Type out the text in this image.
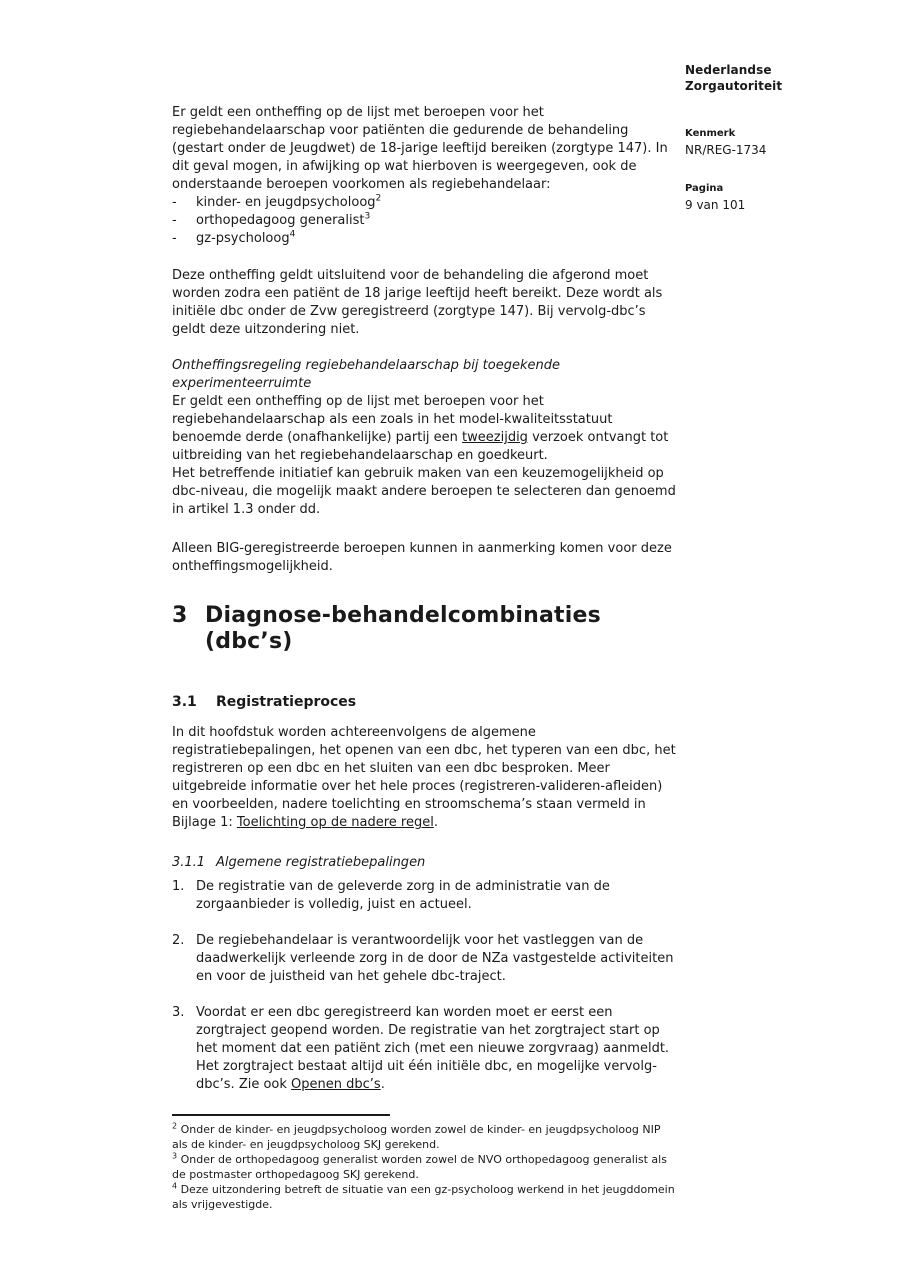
Nederlandse Zorgautoriteit
Kenmerk
NR/REG-1734
Pagina
9 van 101
Er geldt een ontheffing op de lijst met beroepen voor het regiebehandelaarschap voor patiënten die gedurende de behandeling (gestart onder de Jeugdwet) de 18-jarige leeftijd bereiken (zorgtype 147). In dit geval mogen, in afwijking op wat hierboven is weergegeven, ook de onderstaande beroepen voorkomen als regiebehandelaar:
-	kinder- en jeugdpsycholoog$^2$
-	orthopedagoog generalist$^3$
-	gz-psycholoog$^4$
Deze ontheffing geldt uitsluitend voor de behandeling die afgerond moet worden zodra een patiënt de 18 jarige leeftijd heeft bereikt. Deze wordt als initiële dbc onder de Zvw geregistreerd (zorgtype 147). Bij vervolg-dbc’s geldt deze uitzondering niet.
Ontheffingsregeling regiebehandelaarschap bij toegekende experimenteerruimte
Er geldt een ontheffing op de lijst met beroepen voor het regiebehandelaarschap als een zoals in het model-kwaliteitsstatuut benoemde derde (onafhankelijke) partij een tweezijdig verzoek ontvangt tot uitbreiding van het regiebehandelaarschap en goedkeurt.
Het betreffende initiatief kan gebruik maken van een keuzemogelijkheid op dbc-niveau, die mogelijk maakt andere beroepen te selecteren dan genoemd in artikel 1.3 onder dd.
Alleen BIG-geregistreerde beroepen kunnen in aanmerking komen voor deze ontheffingsmogelijkheid.
3 Diagnose-behandelcombinaties (dbc’s)
3.1	Registratieproces
In dit hoofdstuk worden achtereenvolgens de algemene registratiebepalingen, het openen van een dbc, het typeren van een dbc, het registreren op een dbc en het sluiten van een dbc besproken. Meer uitgebreide informatie over het hele proces (registreren-valideren-afleiden) en voorbeelden, nadere toelichting en stroomschema’s staan vermeld in Bijlage 1: Toelichting op de nadere regel.
3.1.1 Algemene registratiebepalingen
1. De registratie van de geleverde zorg in de administratie van de zorgaanbieder is volledig, juist en actueel.
2. De regiebehandelaar is verantwoordelijk voor het vastleggen van de daadwerkelijk verleende zorg in de door de NZa vastgestelde activiteiten en voor de juistheid van het gehele dbc-traject.
3. Voordat er een dbc geregistreerd kan worden moet er eerst een zorgtraject geopend worden. De registratie van het zorgtraject start op het moment dat een patiënt zich (met een nieuwe zorgvraag) aanmeldt. Het zorgtraject bestaat altijd uit één initiële dbc, en mogelijke vervolg-dbc’s. Zie ook Openen dbc’s.
$^2$ Onder de kinder- en jeugdpsycholoog worden zowel de kinder- en jeugdpsycholoog NIP als de kinder- en jeugdpsycholoog SKJ gerekend.
$^3$ Onder de orthopedagoog generalist worden zowel de NVO orthopedagoog generalist als de postmaster orthopedagoog SKJ gerekend.
$^4$ Deze uitzondering betreft de situatie van een gz-psycholoog werkend in het jeugddomein als vrijgevestigde.
